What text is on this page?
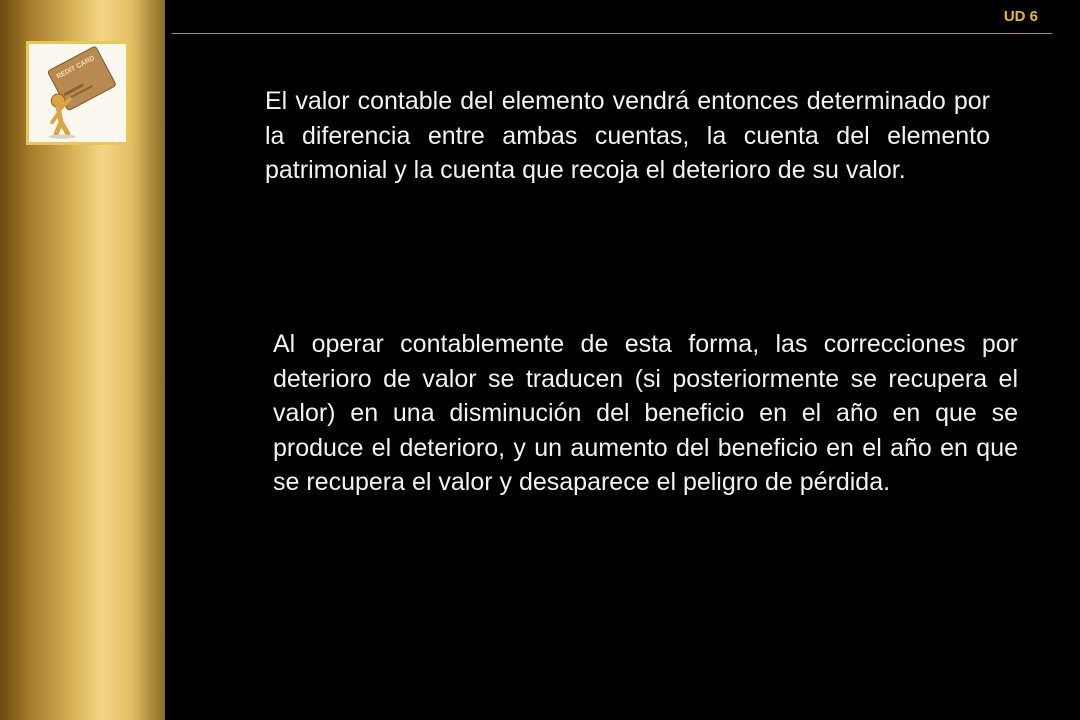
REDIT CARD
UD 6

El valor contable del elemento vendrá entonces determinado por la diferencia entre ambas cuentas, la cuenta del elemento patrimonial y la cuenta que recoja el deterioro de su valor.

Al operar contablemente de esta forma, las correcciones por deterioro de valor se traducen (si posteriormente se recupera el valor) en una disminución del beneficio en el año en que se produce el deterioro, y un aumento del beneficio en el año en que se recupera el valor y desaparece el peligro de pérdida.
